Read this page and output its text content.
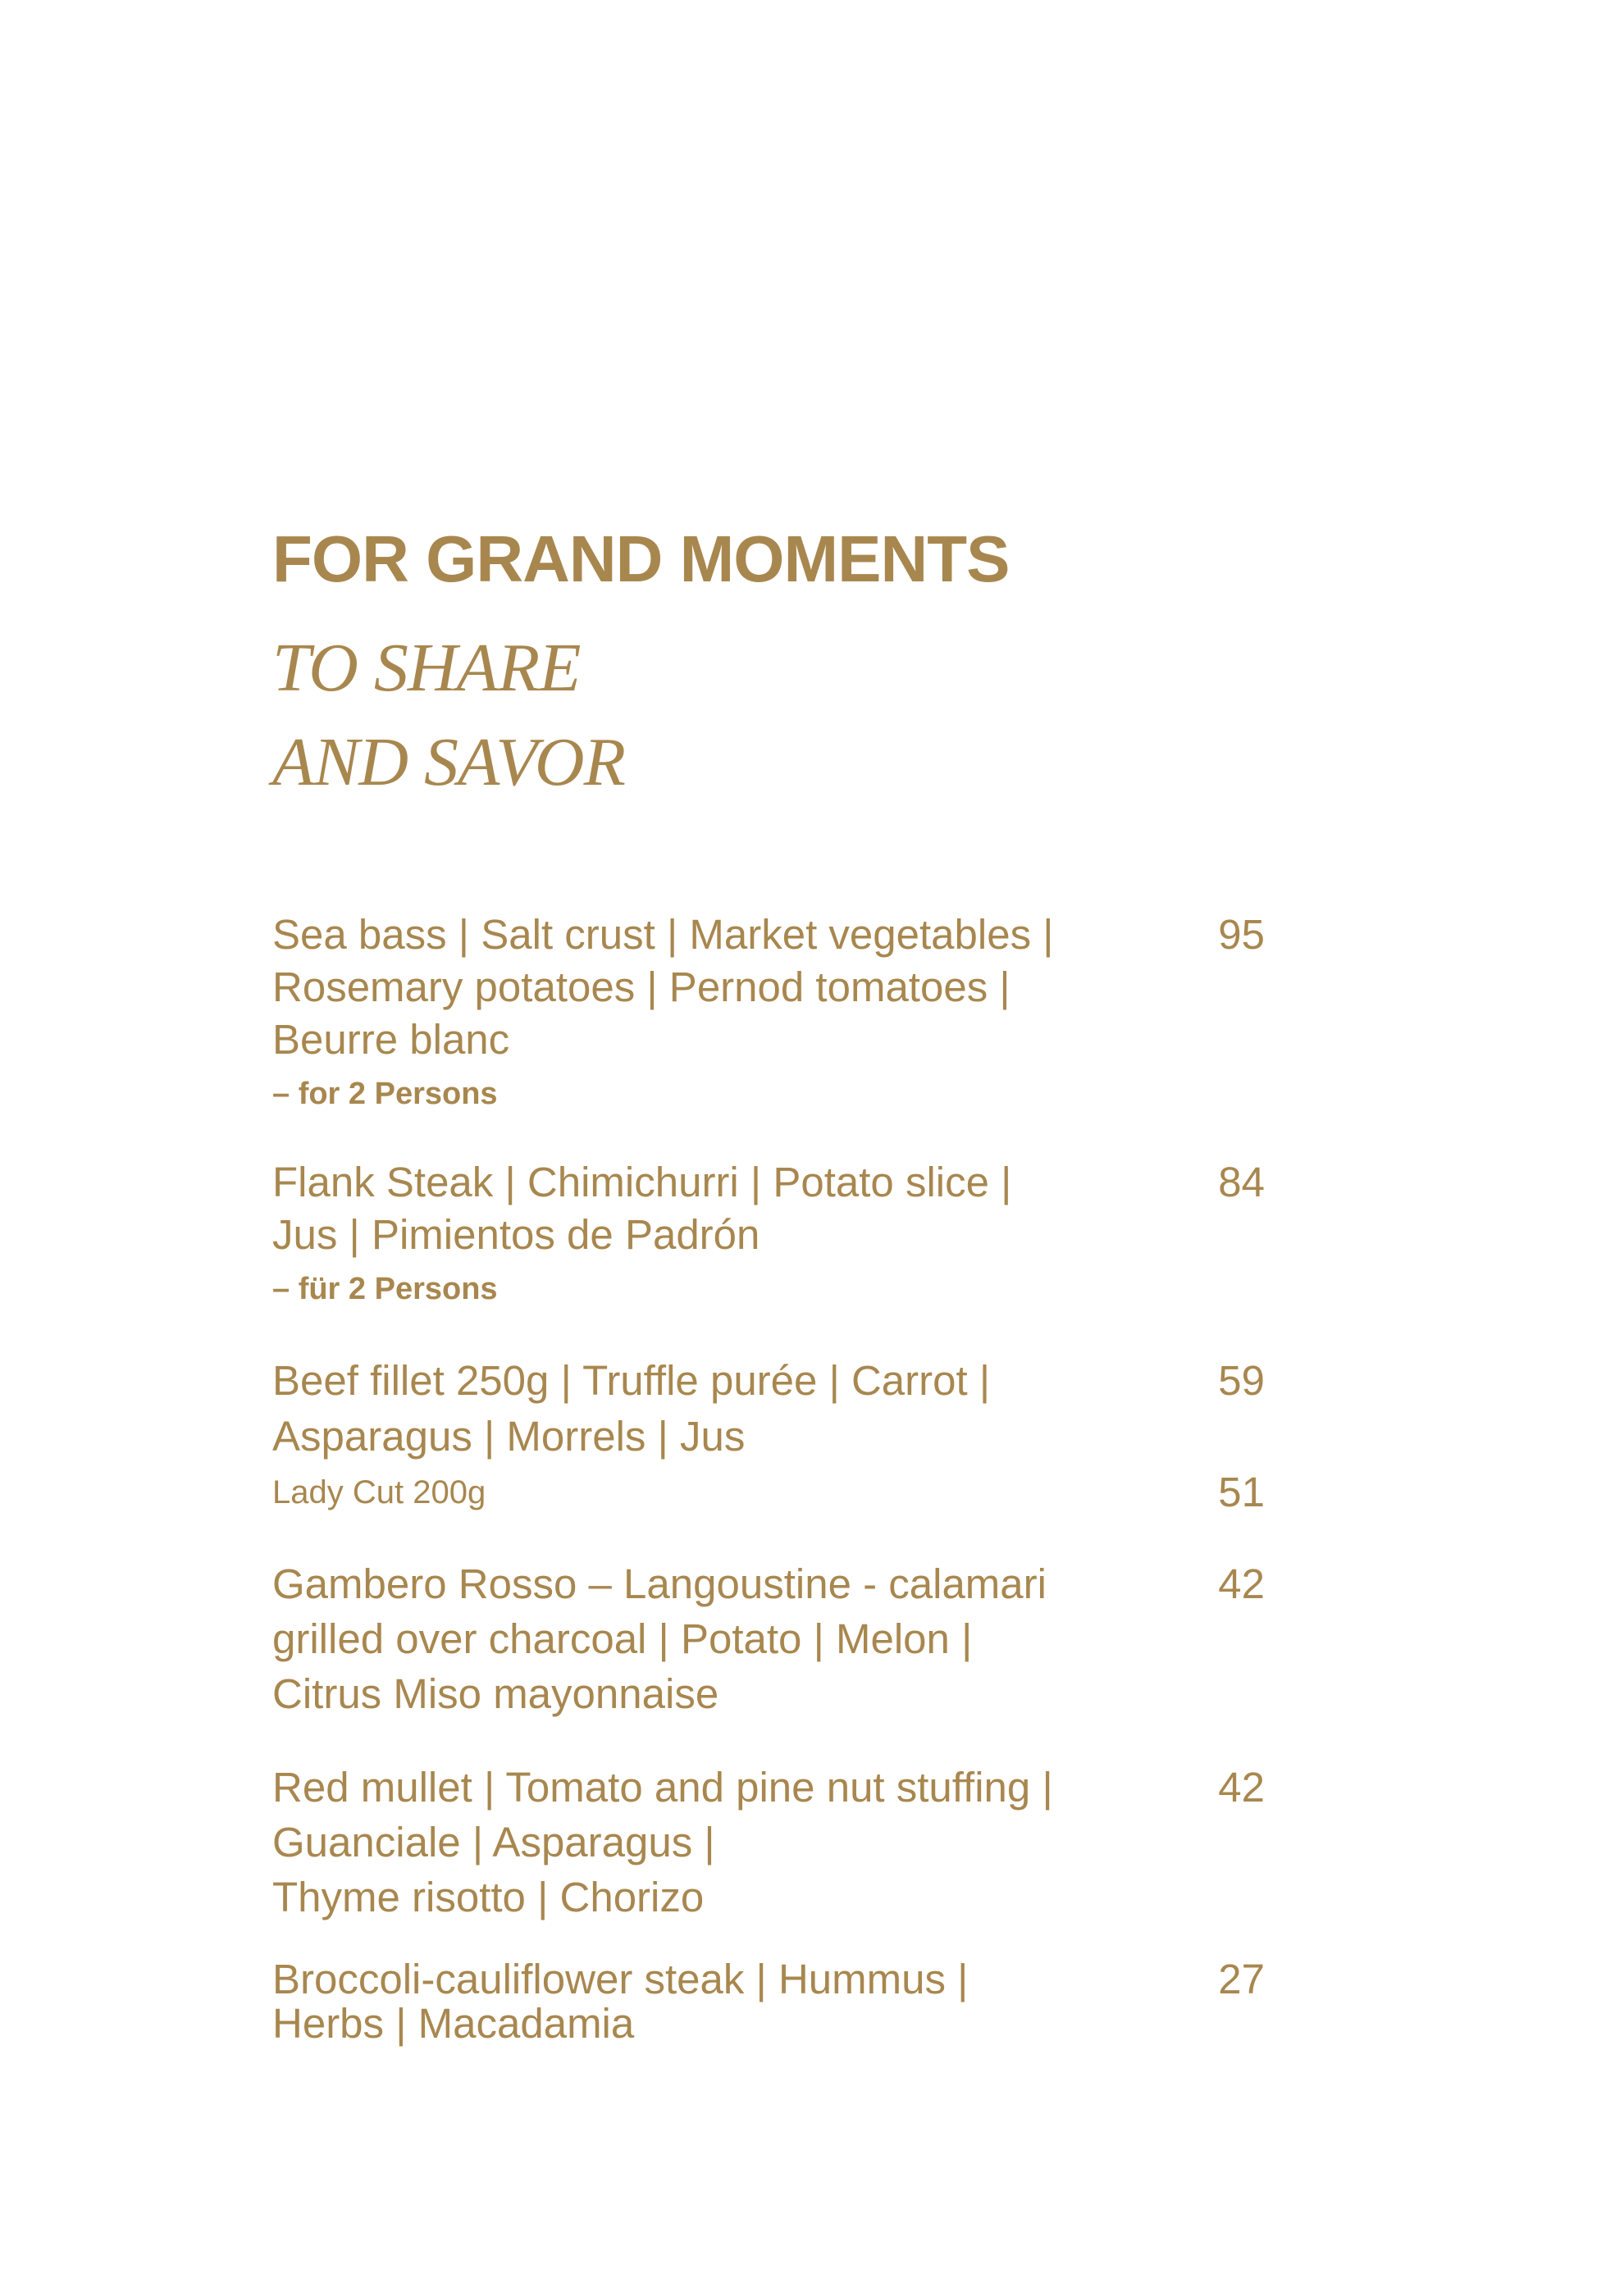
FOR GRAND MOMENTS
TO SHARE
AND SAVOR
Sea bass | Salt crust | Market vegetables |
Rosemary potatoes | Pernod tomatoes |
Beurre blanc
– for 2 Persons
95
Flank Steak | Chimichurri | Potato slice |
Jus | Pimientos de Padrón
– für 2 Persons
84
Beef fillet 250g | Truffle purée | Carrot |
Asparagus | Morrels | Jus
59
Lady Cut 200g	51
Gambero Rosso – Langoustine - calamari
grilled over charcoal | Potato | Melon |
Citrus Miso mayonnaise
42
Red mullet | Tomato and pine nut stuffing |
Guanciale | Asparagus |
Thyme risotto | Chorizo
42
Broccoli-cauliflower steak | Hummus |
Herbs | Macadamia
27
